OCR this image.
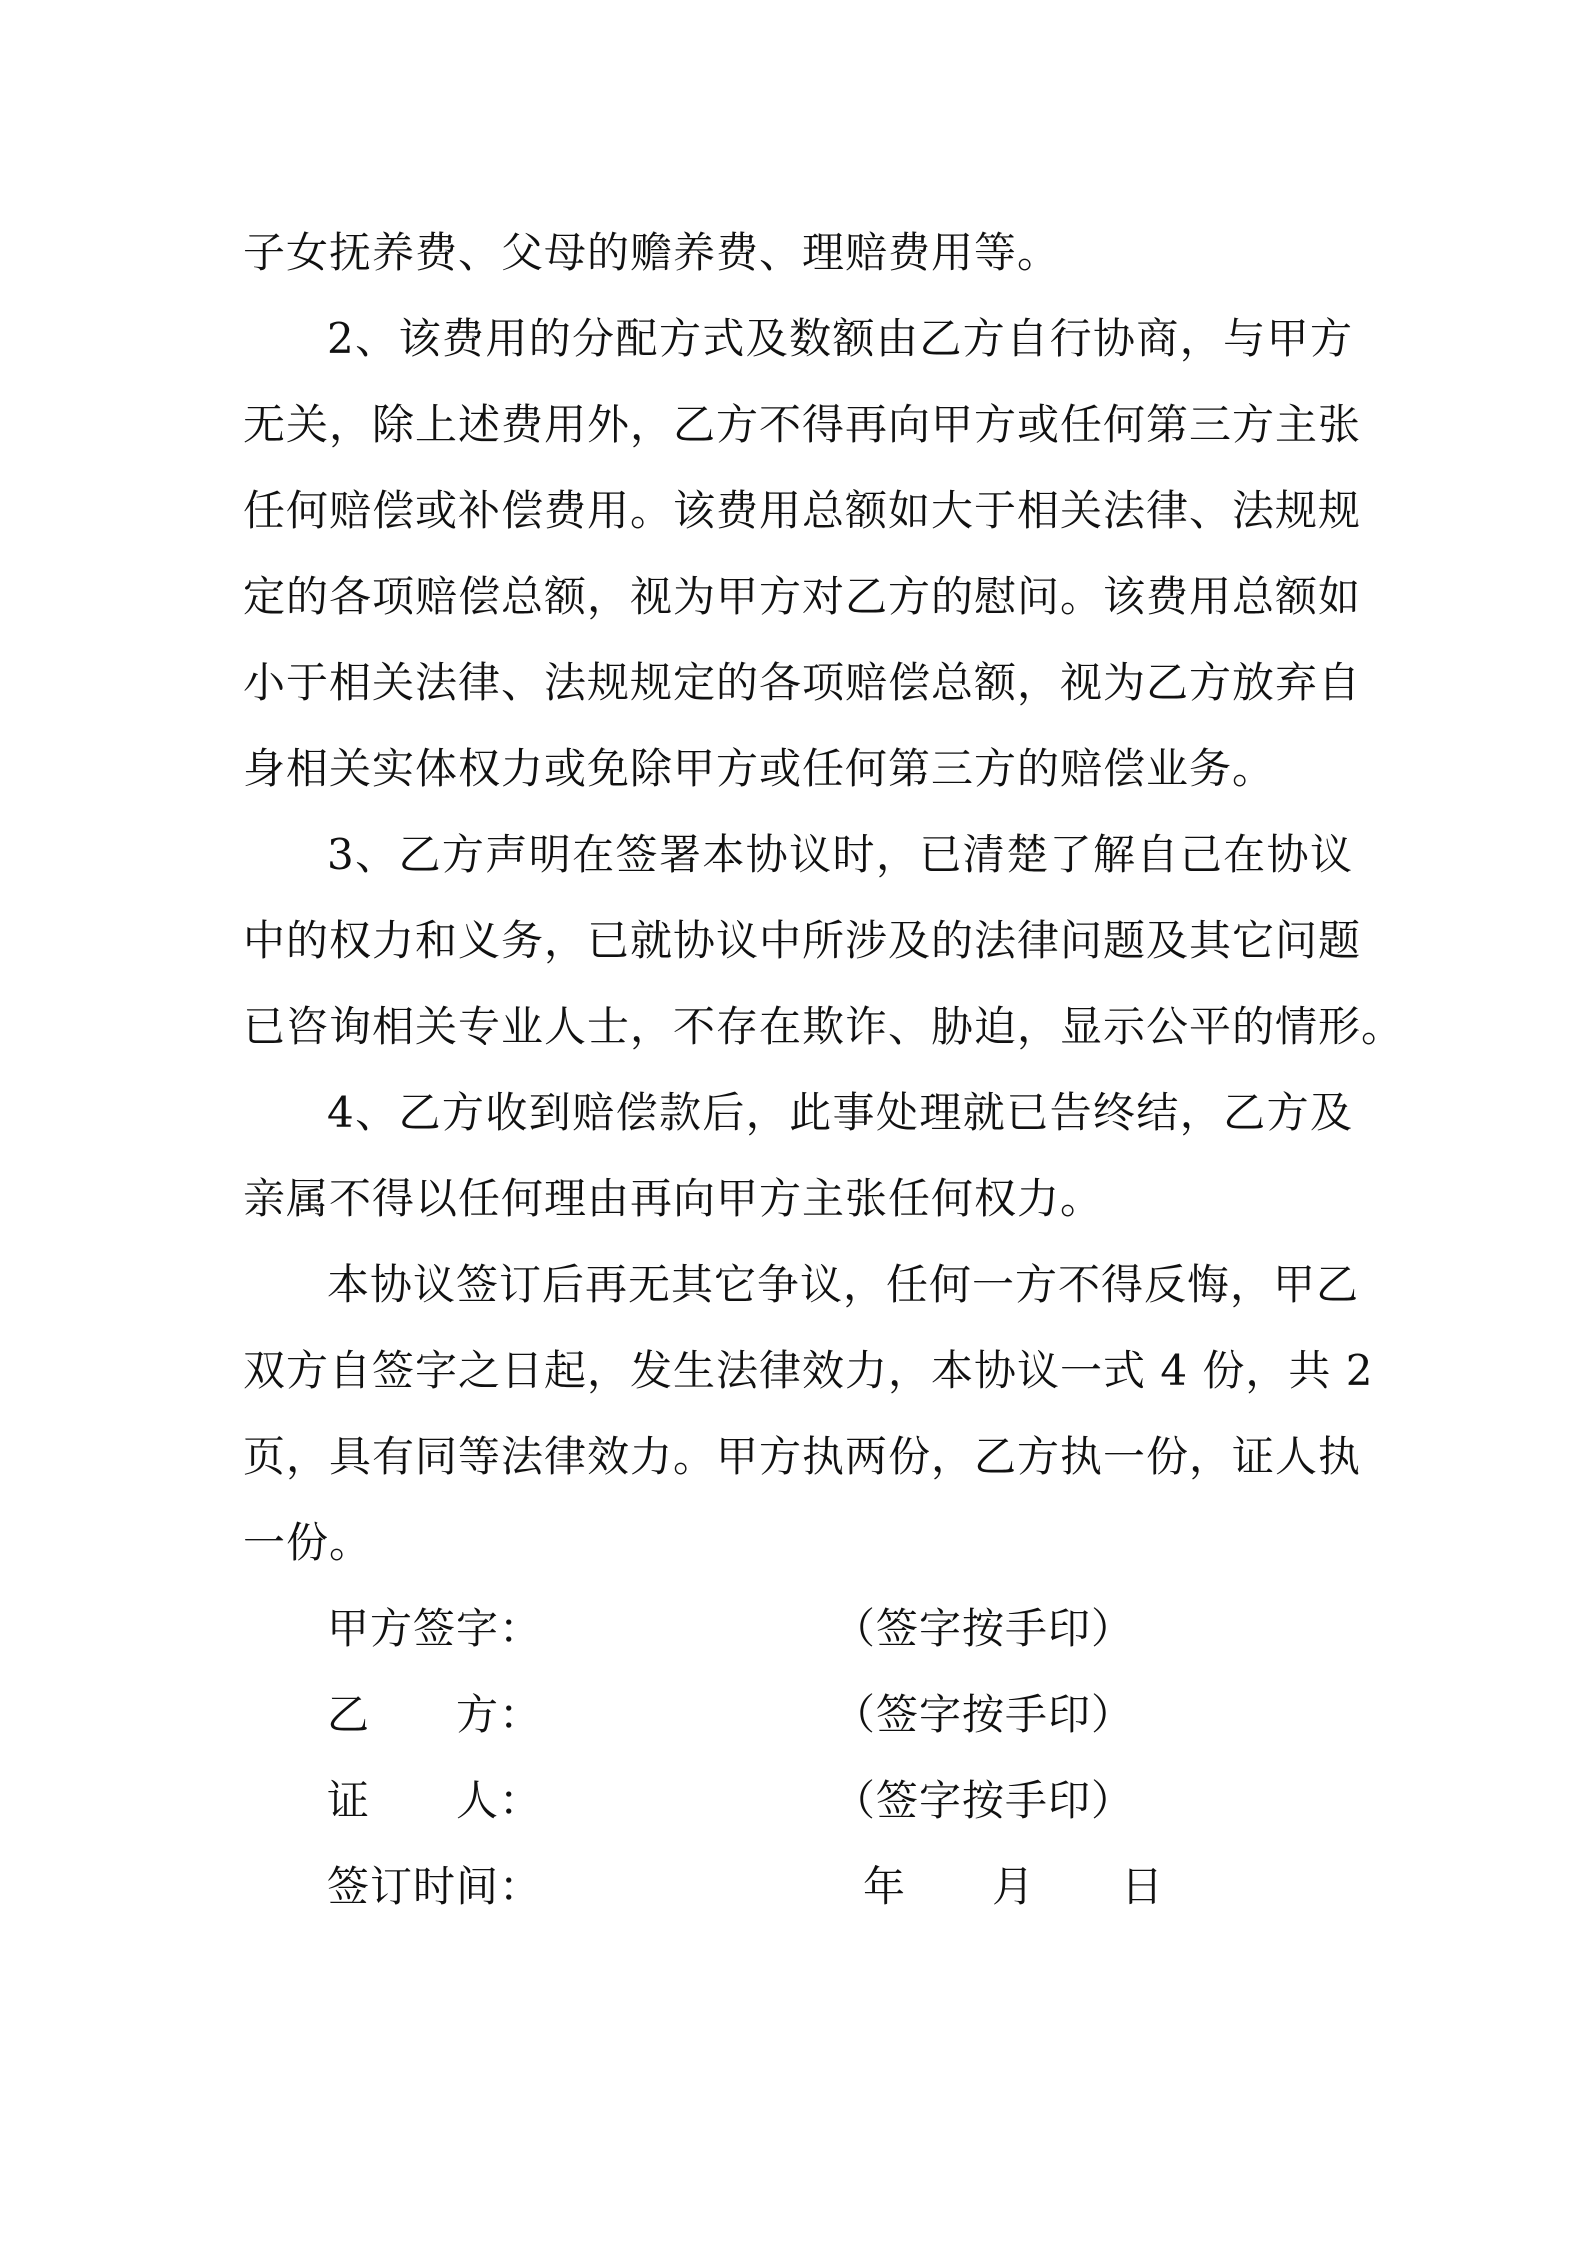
子女抚养费、父母的赡养费、理赔费用等。
2、该费用的分配方式及数额由乙方自行协商，与甲方
无关，除上述费用外，乙方不得再向甲方或任何第三方主张
任何赔偿或补偿费用。该费用总额如大于相关法律、法规规
定的各项赔偿总额，视为甲方对乙方的慰问。该费用总额如
小于相关法律、法规规定的各项赔偿总额，视为乙方放弃自
身相关实体权力或免除甲方或任何第三方的赔偿业务。
3、乙方声明在签署本协议时，已清楚了解自己在协议
中的权力和义务，已就协议中所涉及的法律问题及其它问题
已咨询相关专业人士，不存在欺诈、胁迫，显示公平的情形。
4、乙方收到赔偿款后，此事处理就已告终结，乙方及
亲属不得以任何理由再向甲方主张任何权力。
本协议签订后再无其它争议，任何一方不得反悔，甲乙
双方自签字之日起，发生法律效力，本协议一式 4 份，共 2
页，具有同等法律效力。甲方执两份，乙方执一份，证人执
一份。
甲方签字：	（签字按手印）
乙　　方：	（签字按手印）
证　　人：	（签字按手印）
签订时间：	年　　月　　日
